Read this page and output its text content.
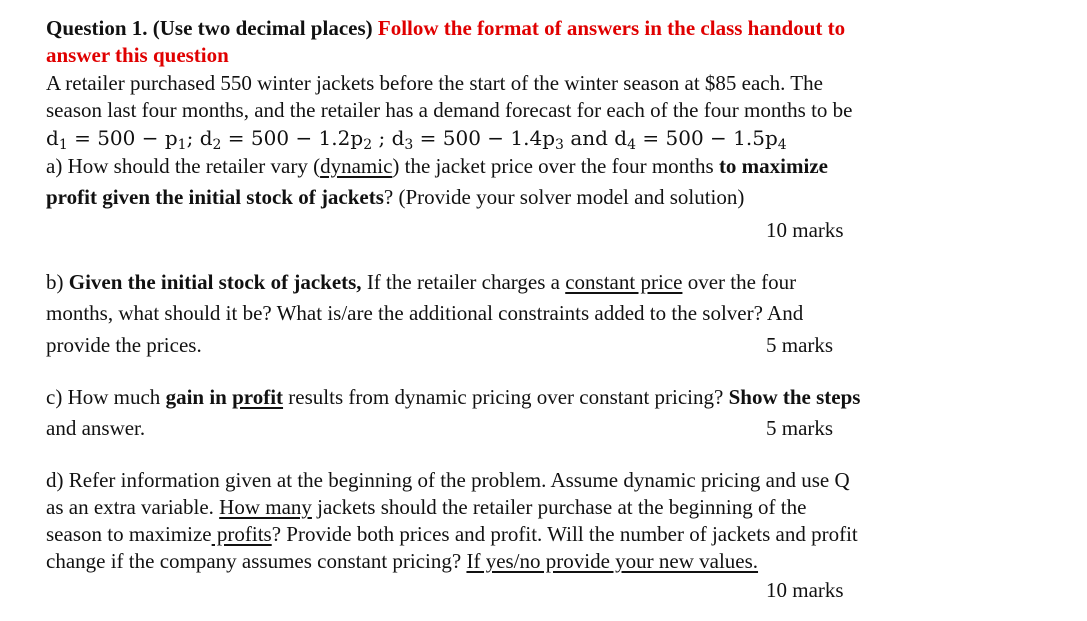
Question 1. (Use two decimal places) Follow the format of answers in the class handout to
answer this question
A retailer purchased 550 winter jackets before the start of the winter season at $85 each. The
season last four months, and the retailer has a demand forecast for each of the four months to be
$d_1 = 500 - p_1$; $d_2 = 500 - 1.2p_2$ ; $d_3 = 500 - 1.4p_3$ and $d_4 = 500 - 1.5p_4$
a) How should the retailer vary (dynamic) the jacket price over the four months to maximize
profit given the initial stock of jackets? (Provide your solver model and solution)
10 marks
b) Given the initial stock of jackets, If the retailer charges a constant price over the four
months, what should it be? What is/are the additional constraints added to the solver? And
provide the prices.	5 marks
c) How much gain in profit results from dynamic pricing over constant pricing? Show the steps
and answer.	5 marks
d) Refer information given at the beginning of the problem. Assume dynamic pricing and use Q
as an extra variable. How many jackets should the retailer purchase at the beginning of the
season to maximize profits? Provide both prices and profit. Will the number of jackets and profit
change if the company assumes constant pricing? If yes/no provide your new values.
10 marks
